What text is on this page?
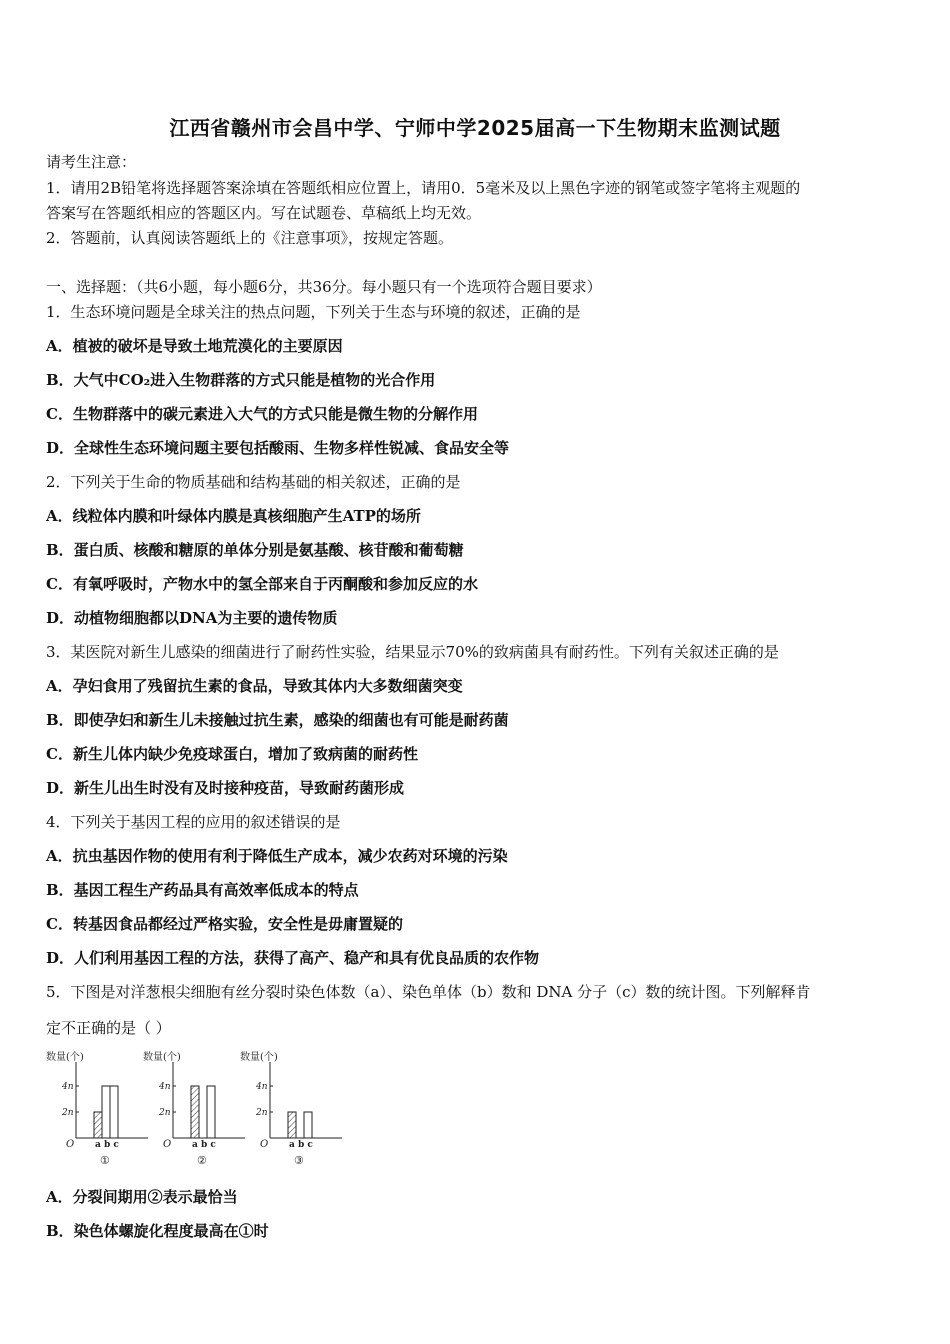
江西省赣州市会昌中学、宁师中学2025届高一下生物期末监测试题
请考生注意：
1．请用2B铅笔将选择题答案涂填在答题纸相应位置上，请用0．5毫米及以上黑色字迹的钢笔或签字笔将主观题的
答案写在答题纸相应的答题区内。写在试题卷、草稿纸上均无效。
2．答题前，认真阅读答题纸上的《注意事项》，按规定答题。
一、选择题：（共6小题，每小题6分，共36分。每小题只有一个选项符合题目要求）
1．生态环境问题是全球关注的热点问题，下列关于生态与环境的叙述，正确的是
A．植被的破坏是导致土地荒漠化的主要原因
B．大气中CO₂进入生物群落的方式只能是植物的光合作用
C．生物群落中的碳元素进入大气的方式只能是微生物的分解作用
D．全球性生态环境问题主要包括酸雨、生物多样性锐减、食品安全等
2．下列关于生命的物质基础和结构基础的相关叙述，正确的是
A．线粒体内膜和叶绿体内膜是真核细胞产生ATP的场所
B．蛋白质、核酸和糖原的单体分别是氨基酸、核苷酸和葡萄糖
C．有氧呼吸时，产物水中的氢全部来自于丙酮酸和参加反应的水
D．动植物细胞都以DNA为主要的遗传物质
3．某医院对新生儿感染的细菌进行了耐药性实验，结果显示70%的致病菌具有耐药性。下列有关叙述正确的是
A．孕妇食用了残留抗生素的食品，导致其体内大多数细菌突变
B．即使孕妇和新生儿未接触过抗生素，感染的细菌也有可能是耐药菌
C．新生儿体内缺少免疫球蛋白，增加了致病菌的耐药性
D．新生儿出生时没有及时接种疫苗，导致耐药菌形成
4．下列关于基因工程的应用的叙述错误的是
A．抗虫基因作物的使用有利于降低生产成本，减少农药对环境的污染
B．基因工程生产药品具有高效率低成本的特点
C．转基因食品都经过严格实验，安全性是毋庸置疑的
D．人们利用基因工程的方法，获得了高产、稳产和具有优良品质的农作物
5．下图是对洋葱根尖细胞有丝分裂时染色体数（a）、染色单体（b）数和 DNA 分子（c）数的统计图。下列解释肯
定不正确的是（ ）
数量(个)
2n
4n
O a b c
①
数量(个)
2n
4n
O a b c
②
数量(个)
2n
4n
O a b c
③
A．分裂间期用②表示最恰当
B．染色体螺旋化程度最高在①时
